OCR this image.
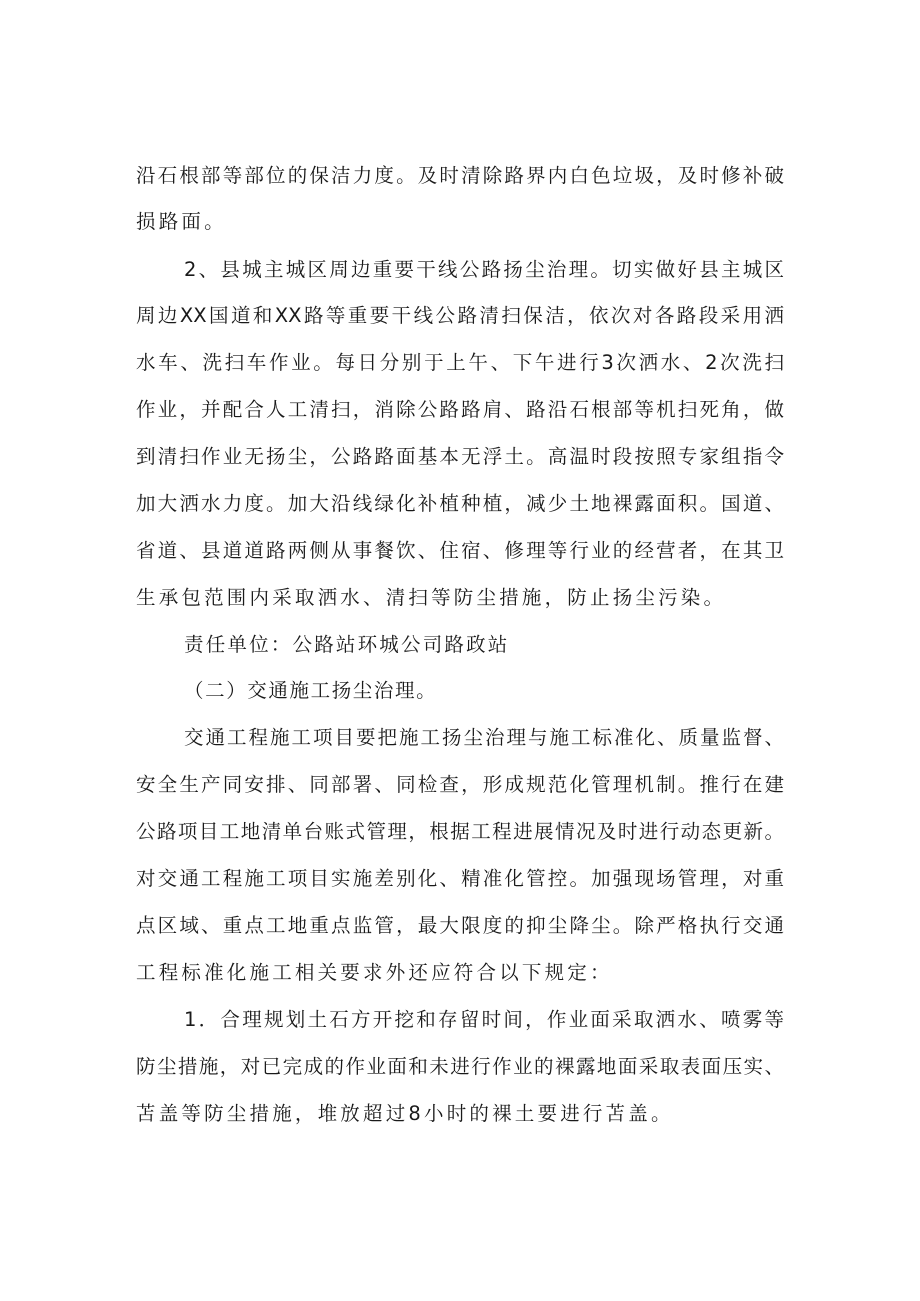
沿石根部等部位的保洁力度。及时清除路界内白色垃圾，及时修补破
损路面。
2、县城主城区周边重要干线公路扬尘治理。切实做好县主城区
周边XX国道和XX路等重要干线公路清扫保洁，依次对各路段采用洒
水车、洗扫车作业。每日分别于上午、下午进行3次洒水、2次洗扫
作业，并配合人工清扫，消除公路路肩、路沿石根部等机扫死角，做
到清扫作业无扬尘，公路路面基本无浮土。高温时段按照专家组指令
加大洒水力度。加大沿线绿化补植种植，减少土地裸露面积。国道、
省道、县道道路两侧从事餐饮、住宿、修理等行业的经营者，在其卫
生承包范围内采取洒水、清扫等防尘措施，防止扬尘污染。
责任单位：公路站环城公司路政站
（二）交通施工扬尘治理。
交通工程施工项目要把施工扬尘治理与施工标准化、质量监督、
安全生产同安排、同部署、同检查，形成规范化管理机制。推行在建
公路项目工地清单台账式管理，根据工程进展情况及时进行动态更新。
对交通工程施工项目实施差别化、精准化管控。加强现场管理，对重
点区域、重点工地重点监管，最大限度的抑尘降尘。除严格执行交通
工程标准化施工相关要求外还应符合以下规定：
1．合理规划土石方开挖和存留时间，作业面采取洒水、喷雾等
防尘措施，对已完成的作业面和未进行作业的裸露地面采取表面压实、
苫盖等防尘措施，堆放超过8小时的裸土要进行苫盖。
